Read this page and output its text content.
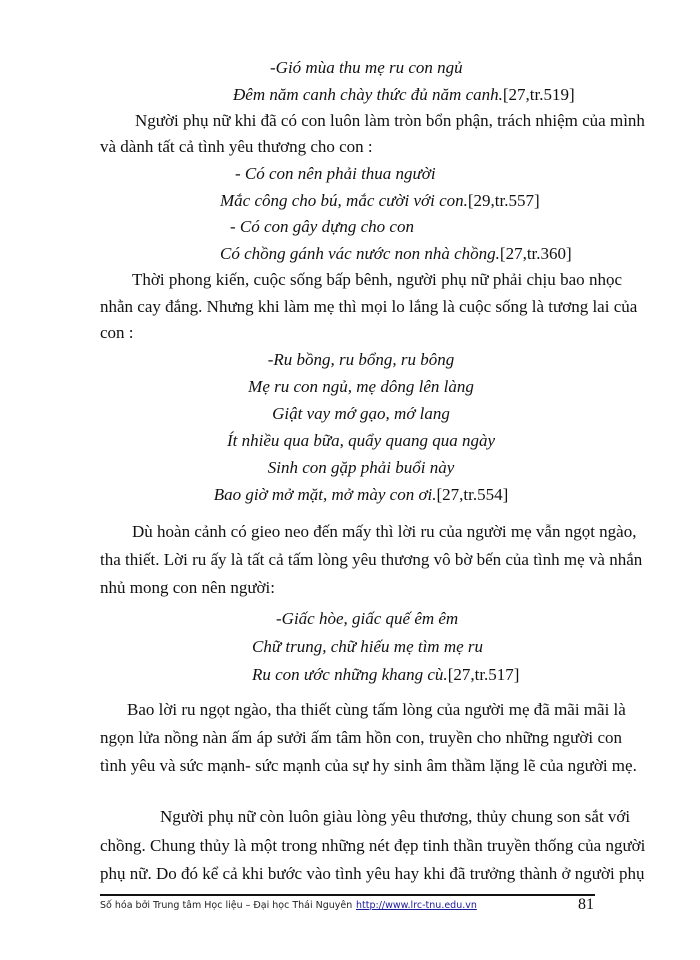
-Gió mùa thu mẹ ru con ngủ
Đêm năm canh chày thức đủ năm canh.[27,tr.519]
Người phụ nữ khi đã có con luôn làm tròn bổn phận, trách nhiệm của mình
và dành tất cả tình yêu thương cho con :
- Có con nên phải thua người
Mắc công cho bú, mắc cười với con.[29,tr.557]
- Có con gây dựng cho con
Có chồng gánh vác nước non nhà chồng.[27,tr.360]
Thời phong kiến, cuộc sống bấp bênh, người phụ nữ phải chịu bao nhọc
nhằn cay đắng. Nhưng khi làm mẹ thì mọi lo lắng là cuộc sống là tương lai của
con :
-Ru bồng, ru bổng, ru bông
Mẹ ru con ngủ, mẹ dông lên làng
Giật vay mớ gạo, mớ lang
Ít nhiều qua bữa, quẩy quang qua ngày
Sinh con gặp phải buổi này
Bao giờ mở mặt, mở mày con ơi.[27,tr.554]
Dù hoàn cảnh có gieo neo đến mấy thì lời ru của người mẹ vẫn ngọt ngào,
tha thiết. Lời ru ấy là tất cả tấm lòng yêu thương vô bờ bến của tình mẹ và nhắn
nhủ mong con nên người:
-Giấc hòe, giấc quế êm êm
Chữ trung, chữ hiếu mẹ tìm mẹ ru
Ru con ước những khang cù.[27,tr.517]
Bao lời ru ngọt ngào, tha thiết cùng tấm lòng của người mẹ đã mãi mãi là
ngọn lửa nồng nàn ấm áp sưởi ấm tâm hồn con, truyền cho những người con
tình yêu và sức mạnh- sức mạnh của sự hy sinh âm thầm lặng lẽ của người mẹ.
Người phụ nữ còn luôn giàu lòng yêu thương, thủy chung son sắt với
chồng. Chung thủy là một trong những nét đẹp tinh thần truyền thống của người
phụ nữ. Do đó kể cả khi bước vào tình yêu hay khi đã trưởng thành ở người phụ
Số hóa bởi Trung tâm Học liệu – Đại học Thái Nguyên http://www.lrc-tnu.edu.vn	81
